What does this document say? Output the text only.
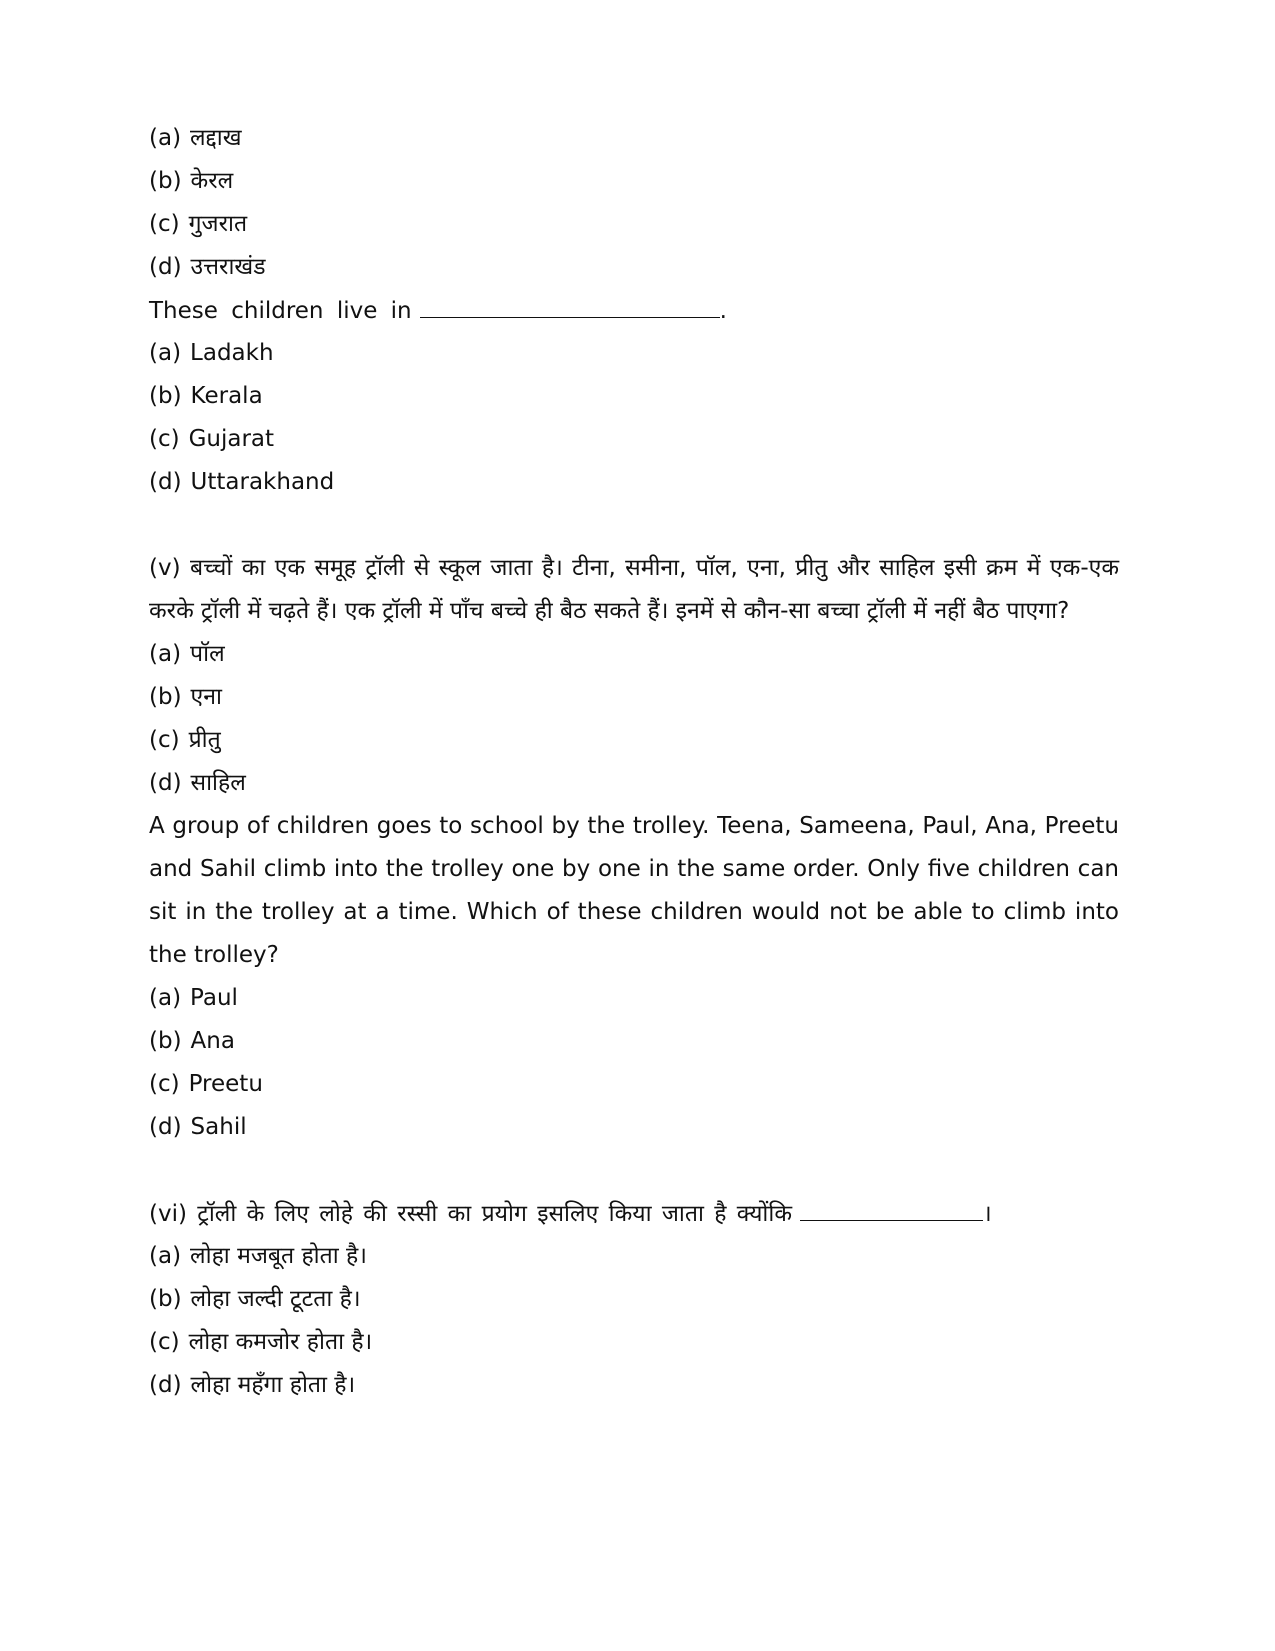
(a) लद्दाख
(b) केरल
(c) गुजरात
(d) उत्तराखंड
These children live in	.
(a) Ladakh
(b) Kerala
(c) Gujarat
(d) Uttarakhand
(v) बच्चों का एक समूह ट्रॉली से स्कूल जाता है। टीना, समीना, पॉल, एना, प्रीतु और साहिल इसी क्रम में एक-एक करके ट्रॉली में चढ़ते हैं। एक ट्रॉली में पाँच बच्चे ही बैठ सकते हैं। इनमें से कौन-सा बच्चा ट्रॉली में नहीं बैठ पाएगा?
(a) पॉल
(b) एना
(c) प्रीतु
(d) साहिल
A group of children goes to school by the trolley. Teena, Sameena, Paul, Ana, Preetu and Sahil climb into the trolley one by one in the same order. Only five children can sit in the trolley at a time. Which of these children would not be able to climb into the trolley?
(a) Paul
(b) Ana
(c) Preetu
(d) Sahil
(vi) ट्रॉली के लिए लोहे की रस्सी का प्रयोग इसलिए किया जाता है क्योंकि	।
(a) लोहा मजबूत होता है।
(b) लोहा जल्दी टूटता है।
(c) लोहा कमजोर होता है।
(d) लोहा महँगा होता है।
